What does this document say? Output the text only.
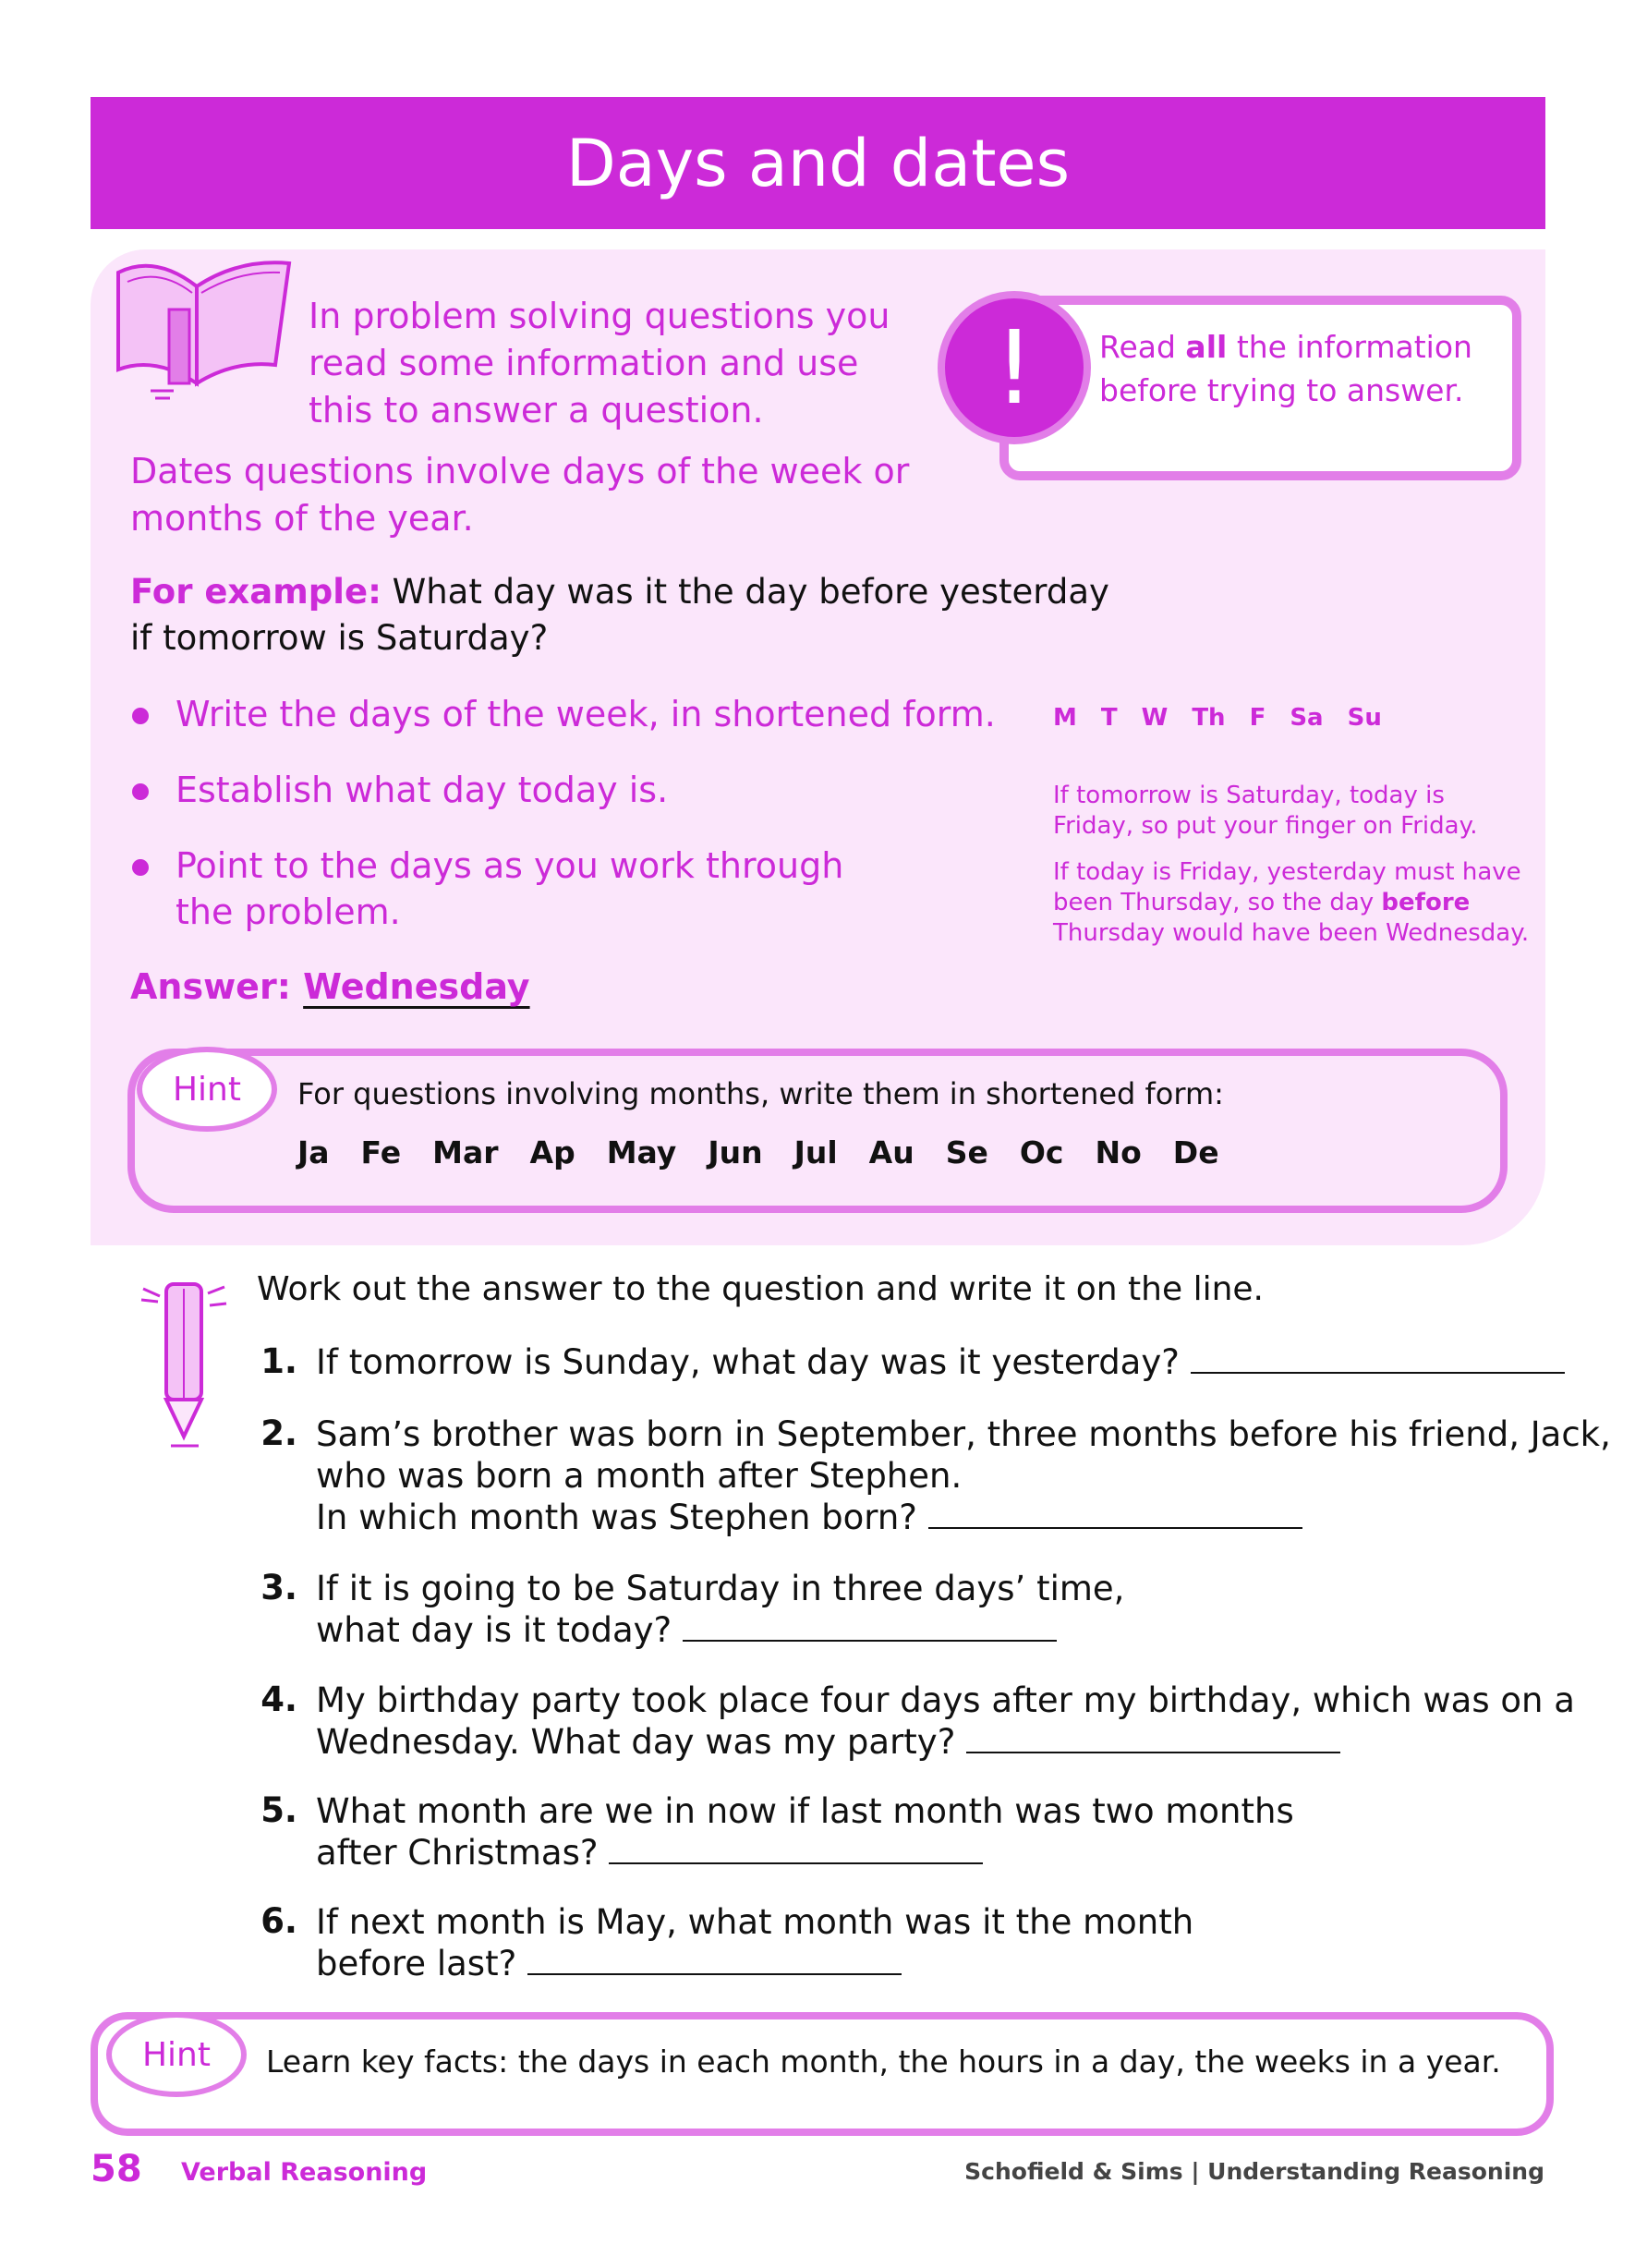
Days and dates
In problem solving questions you
read some information and use
this to answer a question.
Dates questions involve days of the week or
months of the year.
! Read all the information
before trying to answer.
For example: What day was it the day before yesterday
if tomorrow is Saturday?
Write the days of the week, in shortened form.
Establish what day today is.
Point to the days as you work through
the problem.
M T W Th F Sa Su
If tomorrow is Saturday, today is
Friday, so put your finger on Friday.
If today is Friday, yesterday must have
been Thursday, so the day before
Thursday would have been Wednesday.
Answer: Wednesday
Hint For questions involving months, write them in shortened form:
Ja Fe Mar Ap May Jun Jul Au Se Oc No De
Work out the answer to the question and write it on the line.
1. If tomorrow is Sunday, what day was it yesterday?
2. Sam’s brother was born in September, three months before his friend, Jack,
who was born a month after Stephen.
In which month was Stephen born?
3. If it is going to be Saturday in three days’ time,
what day is it today?
4. My birthday party took place four days after my birthday, which was on a
Wednesday. What day was my party?
5. What month are we in now if last month was two months
after Christmas?
6. If next month is May, what month was it the month
before last?
Hint Learn key facts: the days in each month, the hours in a day, the weeks in a year.
58 Verbal Reasoning	Schofield & Sims | Understanding Reasoning
